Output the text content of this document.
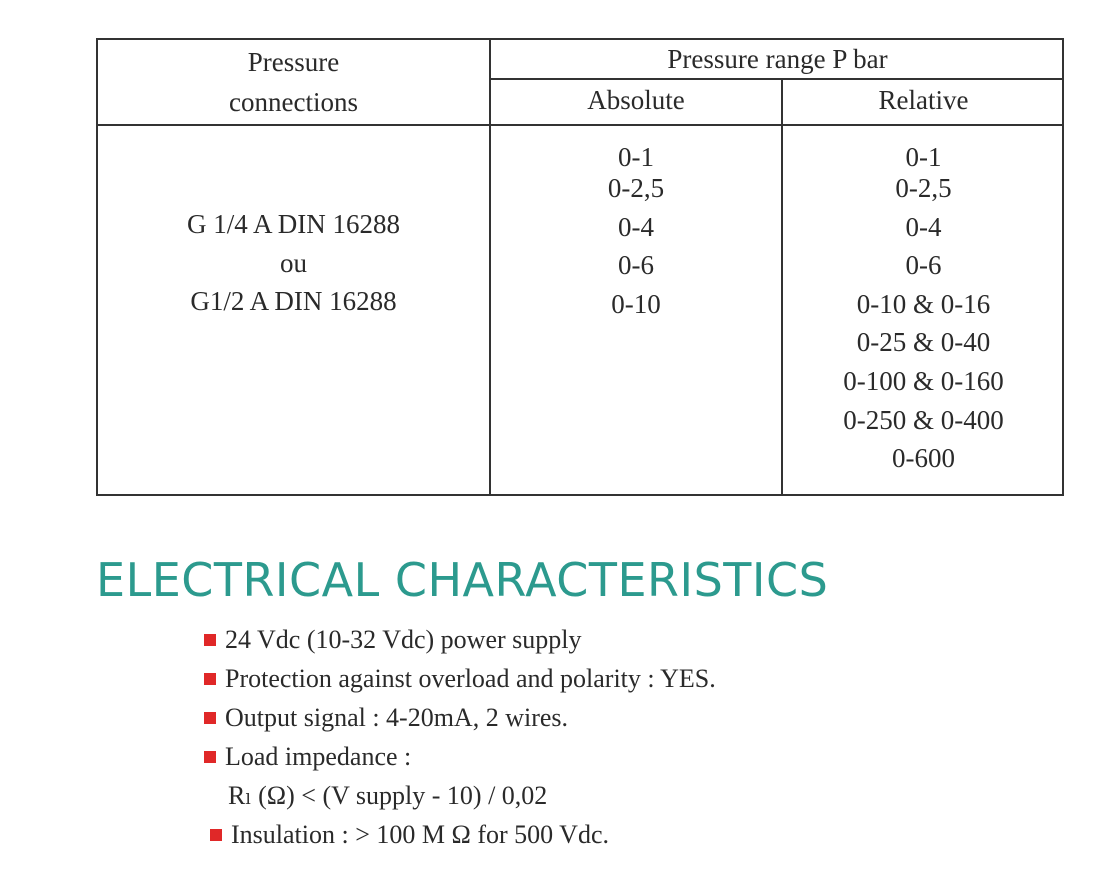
Pressure
connections
Pressure range P bar
Absolute	Relative
G 1/4 A DIN 16288
ou
G1/2 A DIN 16288
0-1
0-2,5
0-4
0-6
0-10
0-1
0-2,5
0-4
0-6
0-10 & 0-16
0-25 & 0-40
0-100 & 0-160
0-250 & 0-400
0-600
ELECTRICAL CHARACTERISTICS
24 Vdc (10-32 Vdc) power supply
Protection against overload and polarity : YES.
Output signal : 4-20mA, 2 wires.
Load impedance :
Rₗ (Ω) < (V supply - 10) / 0,02
Insulation : > 100 M Ω for 500 Vdc.
